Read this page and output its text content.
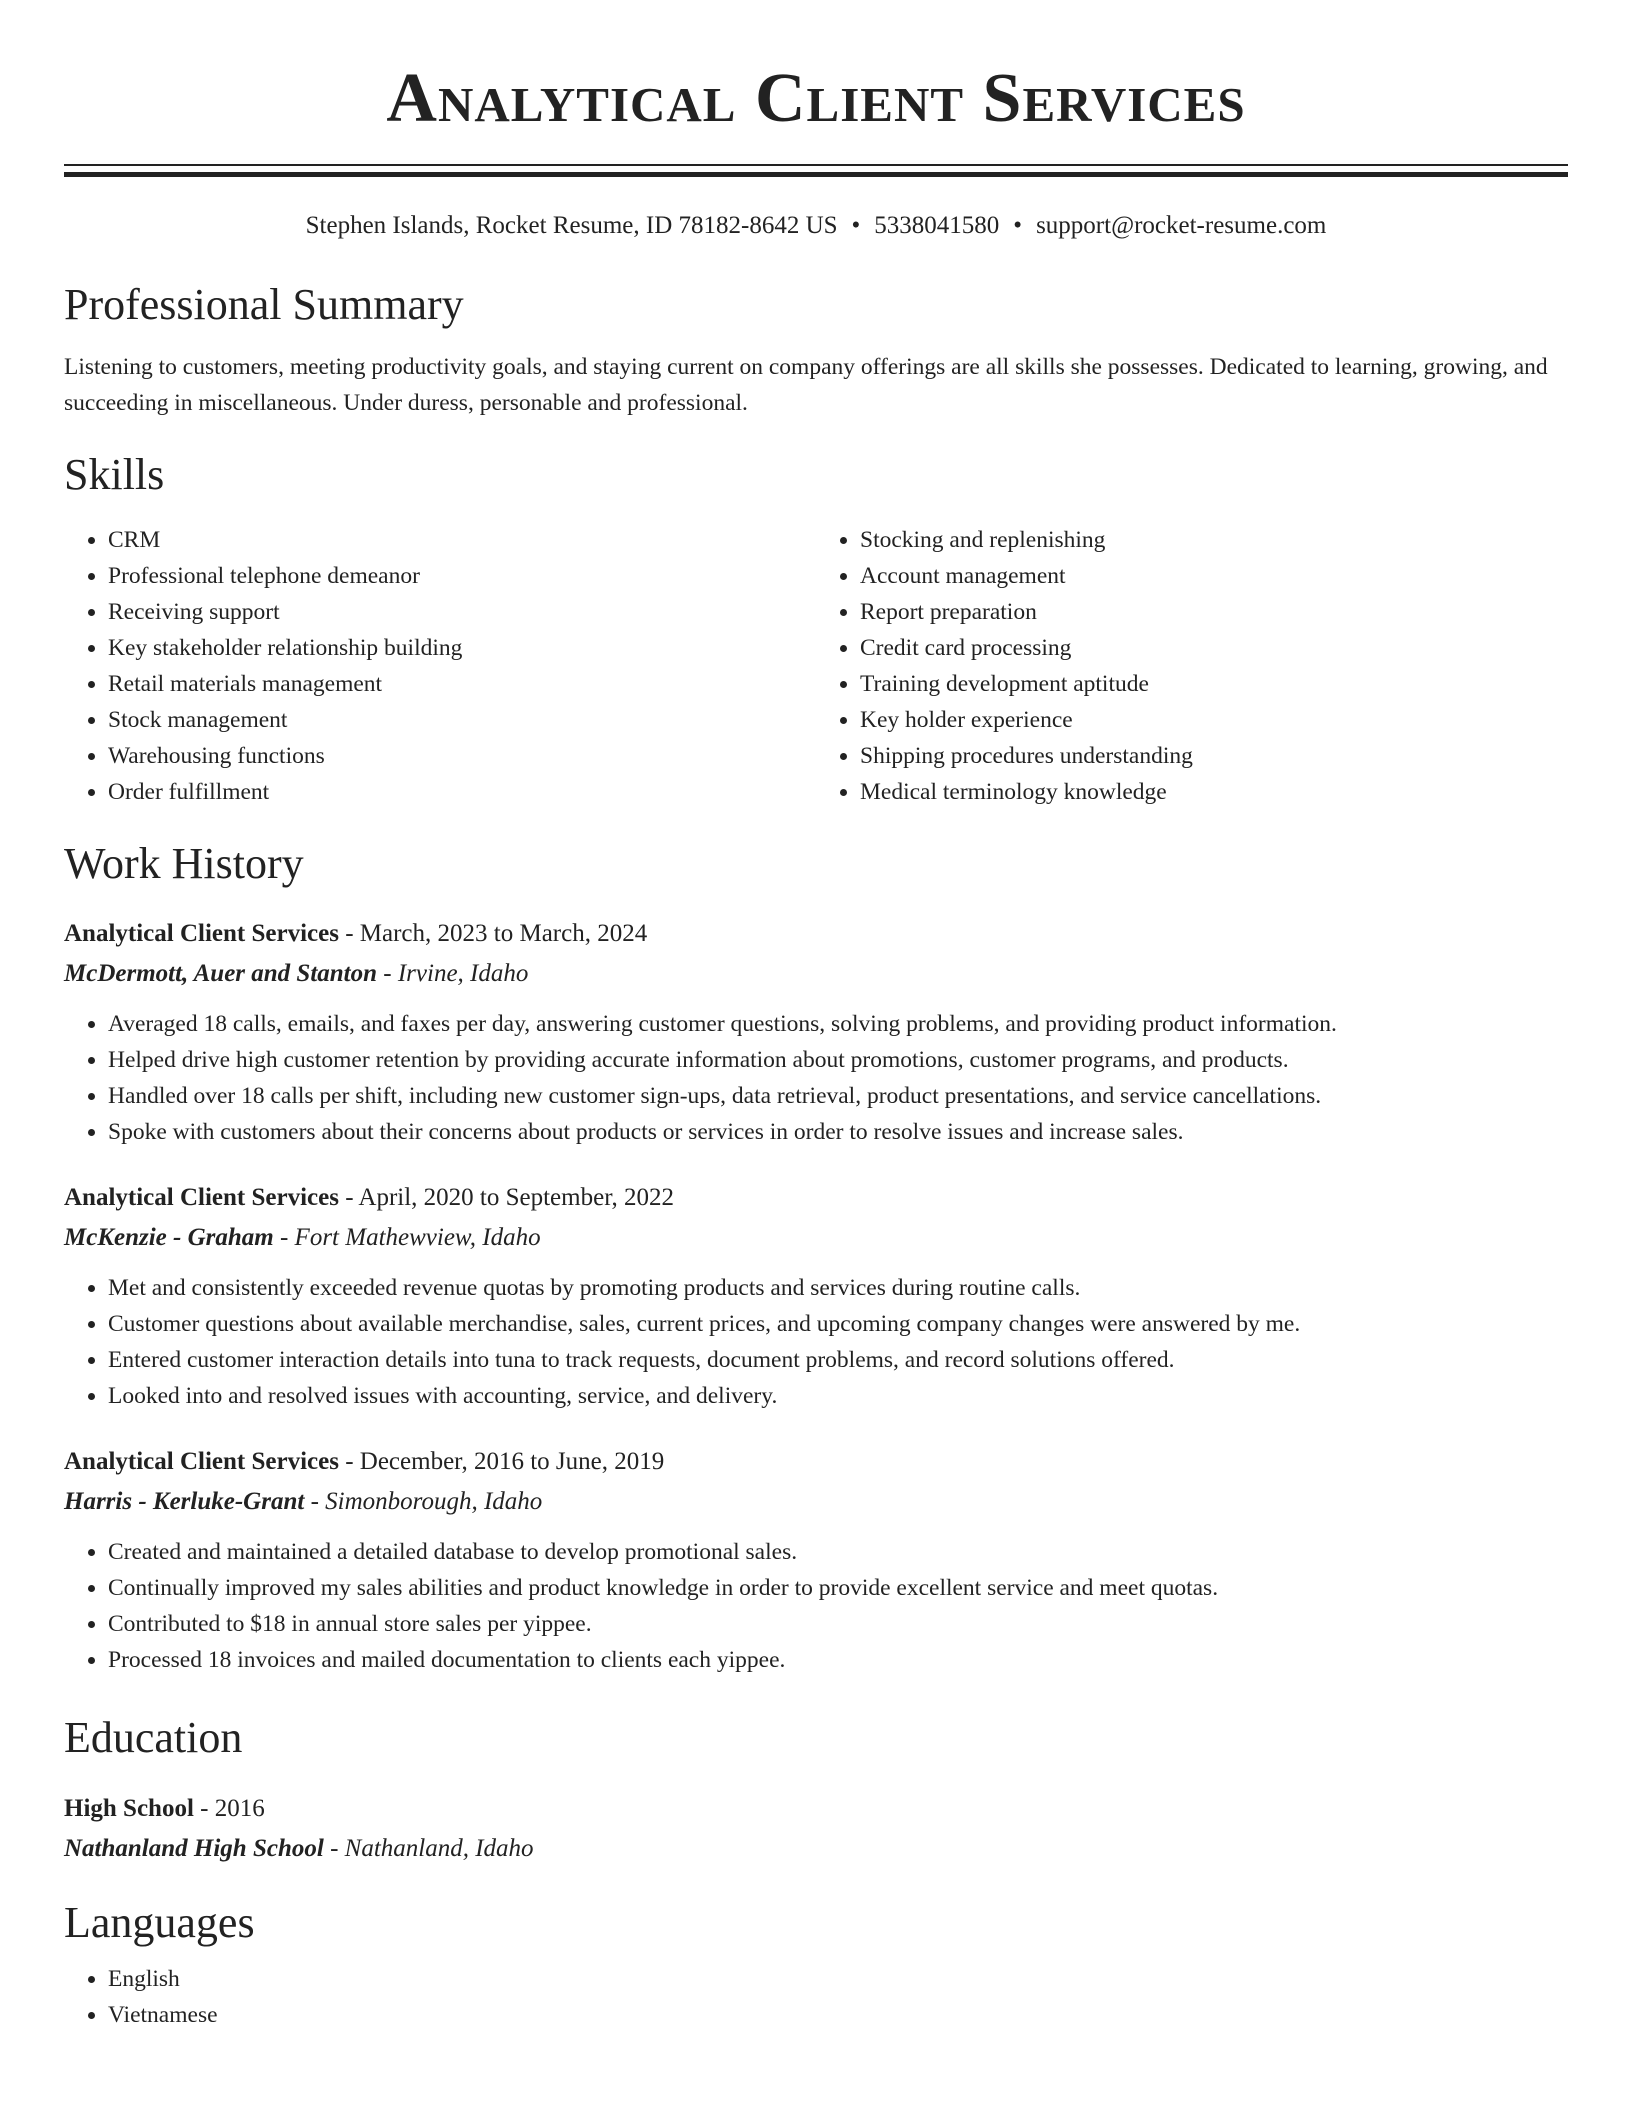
Analytical Client Services
Stephen Islands, Rocket Resume, ID 78182-8642 US • 5338041580 • support@rocket-resume.com
Professional Summary
Listening to customers, meeting productivity goals, and staying current on company offerings are all skills she possesses. Dedicated to learning, growing, and succeeding in miscellaneous. Under duress, personable and professional.
Skills
• CRM
• Professional telephone demeanor
• Receiving support
• Key stakeholder relationship building
• Retail materials management
• Stock management
• Warehousing functions
• Order fulfillment
• Stocking and replenishing
• Account management
• Report preparation
• Credit card processing
• Training development aptitude
• Key holder experience
• Shipping procedures understanding
• Medical terminology knowledge
Work History
Analytical Client Services - March, 2023 to March, 2024
McDermott, Auer and Stanton - Irvine, Idaho
• Averaged 18 calls, emails, and faxes per day, answering customer questions, solving problems, and providing product information.
• Helped drive high customer retention by providing accurate information about promotions, customer programs, and products.
• Handled over 18 calls per shift, including new customer sign-ups, data retrieval, product presentations, and service cancellations.
• Spoke with customers about their concerns about products or services in order to resolve issues and increase sales.
Analytical Client Services - April, 2020 to September, 2022
McKenzie - Graham - Fort Mathewview, Idaho
• Met and consistently exceeded revenue quotas by promoting products and services during routine calls.
• Customer questions about available merchandise, sales, current prices, and upcoming company changes were answered by me.
• Entered customer interaction details into tuna to track requests, document problems, and record solutions offered.
• Looked into and resolved issues with accounting, service, and delivery.
Analytical Client Services - December, 2016 to June, 2019
Harris - Kerluke-Grant - Simonborough, Idaho
• Created and maintained a detailed database to develop promotional sales.
• Continually improved my sales abilities and product knowledge in order to provide excellent service and meet quotas.
• Contributed to $18 in annual store sales per yippee.
• Processed 18 invoices and mailed documentation to clients each yippee.
Education
High School - 2016
Nathanland High School - Nathanland, Idaho
Languages
• English
• Vietnamese
